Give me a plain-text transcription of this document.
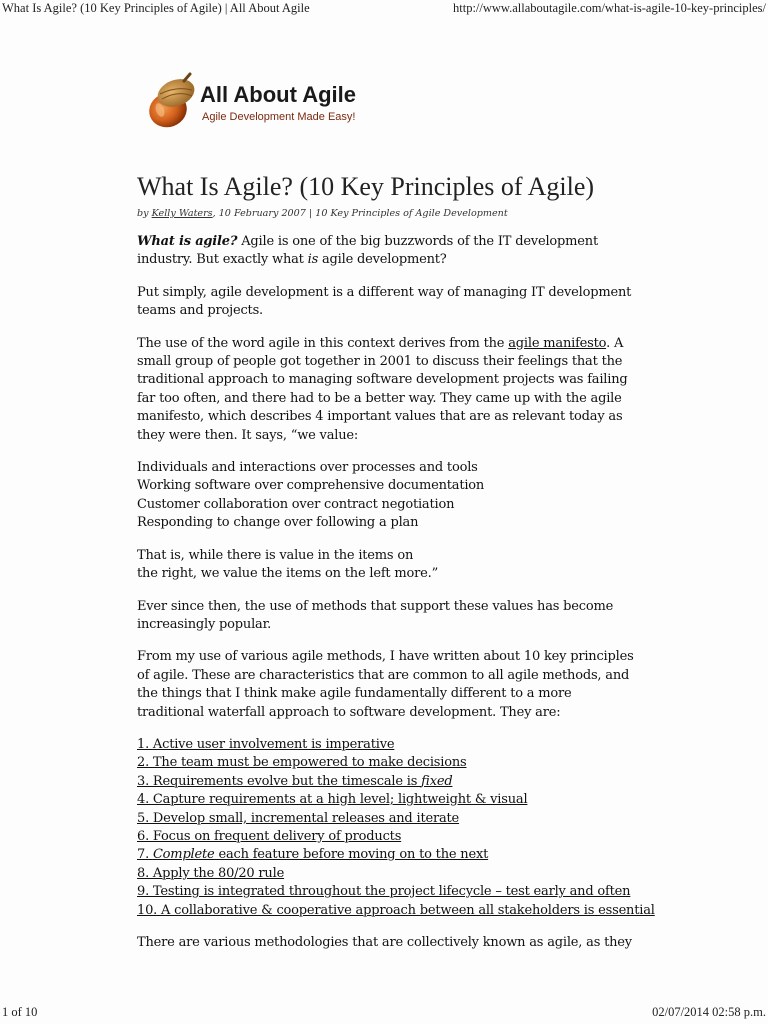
What Is Agile? (10 Key Principles of Agile) | All About Agile	http://www.allaboutagile.com/what-is-agile-10-key-principles/
All About Agile
Agile Development Made Easy!
What Is Agile? (10 Key Principles of Agile)
by Kelly Waters, 10 February 2007 | 10 Key Principles of Agile Development

What is agile? Agile is one of the big buzzwords of the IT development industry. But exactly what is agile development?

Put simply, agile development is a different way of managing IT development teams and projects.

The use of the word agile in this context derives from the agile manifesto. A small group of people got together in 2001 to discuss their feelings that the traditional approach to managing software development projects was failing far too often, and there had to be a better way. They came up with the agile manifesto, which describes 4 important values that are as relevant today as they were then. It says, “we value:

Individuals and interactions over processes and tools
Working software over comprehensive documentation
Customer collaboration over contract negotiation
Responding to change over following a plan

That is, while there is value in the items on
the right, we value the items on the left more.”

Ever since then, the use of methods that support these values has become increasingly popular.

From my use of various agile methods, I have written about 10 key principles of agile. These are characteristics that are common to all agile methods, and the things that I think make agile fundamentally different to a more traditional waterfall approach to software development. They are:

1. Active user involvement is imperative
2. The team must be empowered to make decisions
3. Requirements evolve but the timescale is fixed
4. Capture requirements at a high level; lightweight & visual
5. Develop small, incremental releases and iterate
6. Focus on frequent delivery of products
7. Complete each feature before moving on to the next
8. Apply the 80/20 rule
9. Testing is integrated throughout the project lifecycle – test early and often
10. A collaborative & cooperative approach between all stakeholders is essential

There are various methodologies that are collectively known as agile, as they

1 of 10	02/07/2014 02:58 p.m.
